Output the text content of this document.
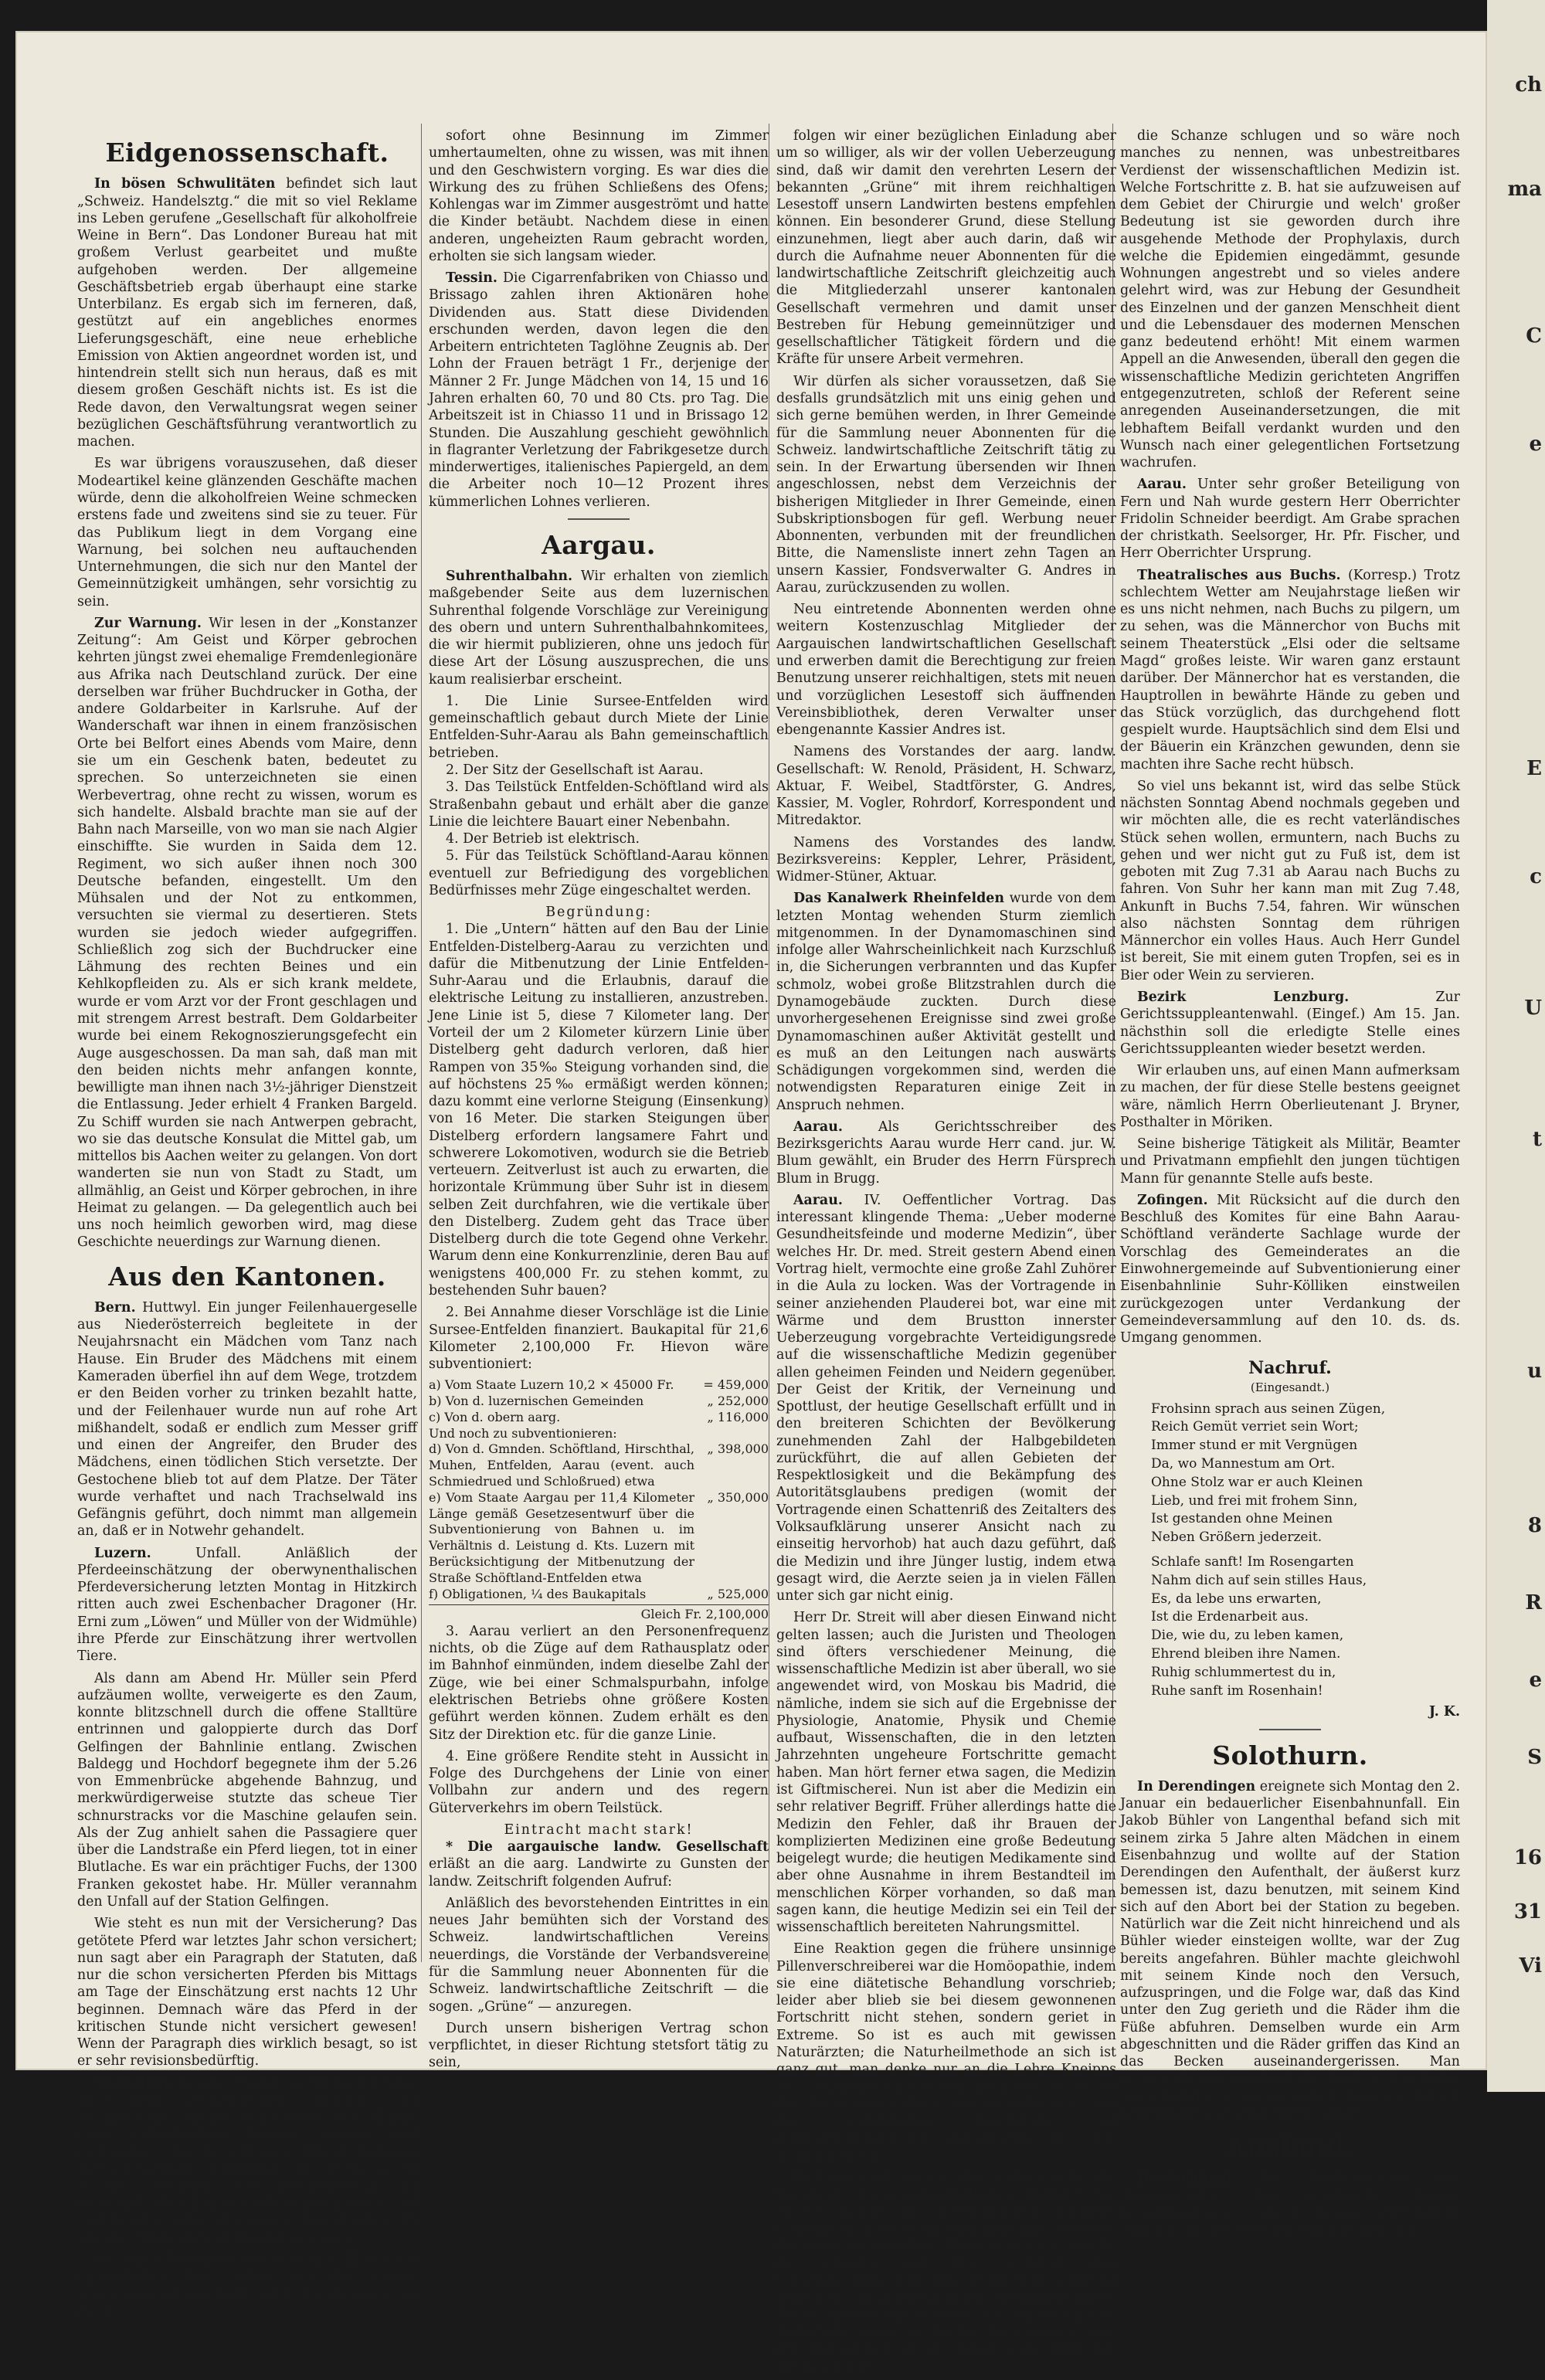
Eidgenossenschaft.

In bösen Schwulitäten befindet sich laut „Schweiz. Handelsztg.“ die mit so viel Reklame ins Leben gerufene „Gesellschaft für alkoholfreie Weine in Bern“. Das Londoner Bureau hat mit großem Verlust gearbeitet und mußte aufgehoben werden. Der allgemeine Geschäftsbetrieb ergab überhaupt eine starke Unterbilanz. Es ergab sich im ferneren, daß, gestützt auf ein angebliches enormes Lieferungsgeschäft, eine neue erhebliche Emission von Aktien angeordnet worden ist, und hintendrein stellt sich nun heraus, daß es mit diesem großen Geschäft nichts ist. Es ist die Rede davon, den Verwaltungsrat wegen seiner bezüglichen Geschäftsführung verantwortlich zu machen.

Es war übrigens vorauszusehen, daß dieser Modeartikel keine glänzenden Geschäfte machen würde, denn die alkoholfreien Weine schmecken erstens fade und zweitens sind sie zu teuer. Für das Publikum liegt in dem Vorgang eine Warnung, bei solchen neu auftauchenden Unternehmungen, die sich nur den Mantel der Gemeinnützigkeit umhängen, sehr vorsichtig zu sein.

Zur Warnung. Wir lesen in der „Konstanzer Zeitung“: Am Geist und Körper gebrochen kehrten jüngst zwei ehemalige Fremdenlegionäre aus Afrika nach Deutschland zurück. Der eine derselben war früher Buchdrucker in Gotha, der andere Goldarbeiter in Karlsruhe. Auf der Wanderschaft war ihnen in einem französischen Orte bei Belfort eines Abends vom Maire, denn sie um ein Geschenk baten, bedeutet zu sprechen. So unterzeichneten sie einen Werbevertrag, ohne recht zu wissen, worum es sich handelte. Alsbald brachte man sie auf der Bahn nach Marseille, von wo man sie nach Algier einschiffte. Sie wurden in Saida dem 12. Regiment, wo sich außer ihnen noch 300 Deutsche befanden, eingestellt. Um den Mühsalen und der Not zu entkommen, versuchten sie viermal zu desertieren. Stets wurden sie jedoch wieder aufgegriffen. Schließlich zog sich der Buchdrucker eine Lähmung des rechten Beines und ein Kehlkopfleiden zu. Als er sich krank meldete, wurde er vom Arzt vor der Front geschlagen und mit strengem Arrest bestraft. Dem Goldarbeiter wurde bei einem Rekognoszierungsgefecht ein Auge ausgeschossen. Da man sah, daß man mit den beiden nichts mehr anfangen konnte, bewilligte man ihnen nach 3½-jähriger Dienstzeit die Entlassung. Jeder erhielt 4 Franken Bargeld. Zu Schiff wurden sie nach Antwerpen gebracht, wo sie das deutsche Konsulat die Mittel gab, um mittellos bis Aachen weiter zu gelangen. Von dort wanderten sie nun von Stadt zu Stadt, um allmählig, an Geist und Körper gebrochen, in ihre Heimat zu gelangen. — Da gelegentlich auch bei uns noch heimlich geworben wird, mag diese Geschichte neuerdings zur Warnung dienen.

Aus den Kantonen.

Bern. Huttwyl. Ein junger Feilenhauergeselle aus Niederösterreich begleitete in der Neujahrsnacht ein Mädchen vom Tanz nach Hause. Ein Bruder des Mädchens mit einem Kameraden überfiel ihn auf dem Wege, trotzdem er den Beiden vorher zu trinken bezahlt hatte, und der Feilenhauer wurde nun auf rohe Art mißhandelt, sodaß er endlich zum Messer griff und einen der Angreifer, den Bruder des Mädchens, einen tödlichen Stich versetzte. Der Gestochene blieb tot auf dem Platze. Der Täter wurde verhaftet und nach Trachselwald ins Gefängnis geführt, doch nimmt man allgemein an, daß er in Notwehr gehandelt.

Luzern.	Unfall. Anläßlich der Pferdeeinschätzung der oberwynenthalischen Pferdeversicherung letzten Montag in Hitzkirch ritten auch zwei Eschenbacher Dragoner (Hr. Erni zum „Löwen“ und Müller von der Widmühle) ihre Pferde zur Einschätzung ihrer wertvollen Tiere.

Als dann am Abend Hr. Müller sein Pferd aufzäumen wollte, verweigerte es den Zaum, konnte blitzschnell durch die offene Stalltüre entrinnen und galoppierte durch das Dorf Gelfingen der Bahnlinie entlang. Zwischen Baldegg und Hochdorf begegnete ihm der 5.26 von Emmenbrücke abgehende Bahnzug, und merkwürdigerweise stutzte das scheue Tier schnurstracks vor die Maschine gelaufen sein. Als der Zug anhielt sahen die Passagiere quer über die Landstraße ein Pferd liegen, tot in einer Blutlache. Es war ein prächtiger Fuchs, der 1300 Franken gekostet habe. Hr. Müller verannahm den Unfall auf der Station Gelfingen.

Wie steht es nun mit der Versicherung? Das getötete Pferd war letztes Jahr schon versichert; nun sagt aber ein Paragraph der Statuten, daß nur die schon versicherten Pferden bis Mittags am Tage der Einschätzung erst nachts 12 Uhr beginnen. Demnach wäre das Pferd in der kritischen Stunde nicht versichert gewesen! Wenn der Paragraph dies wirklich besagt, so ist er sehr revisionsbedürftig.

St. Gallen. In einer Familie in St. Gallen wäre nach dem „Stadtanzeiger“ beinahe, am Neujahrstage infolge Schliessens der Klappe eines Cylinderofens beinahe großes Leid entstanden. Die betreffenden Eltern begaben sich am Sonntag vormittag zur Kirche; sie hatten in der Meinung, daß Brennmaterial sei verbrannt, den Zug des Ofens geschlossen und fünf Kinder unter der Obhut des ältesten 15 jährigen Mädchens im Zimmer gelassen.

Bei ihrer Rückkehr bot sich den Eltern ein entsetzliches Bild, indem bei der Kinder regungslos auf dem Sofa lagen und die größeren zwei

sofort ohne Besinnung im Zimmer umhertaumelten, ohne zu wissen, was mit ihnen und den Geschwistern vorging. Es war dies die Wirkung des zu frühen Schließens des Ofens; Kohlengas war im Zimmer ausgeströmt und hatte die Kinder betäubt. Nachdem diese in einen anderen, ungeheizten Raum gebracht worden, erholten sie sich langsam wieder.

Tessin. Die Cigarrenfabriken von Chiasso und Brissago zahlen ihren Aktionären hohe Dividenden aus. Statt diese Dividenden erschunden werden, davon legen die den Arbeitern entrichteten Taglöhne Zeugnis ab. Der Lohn der Frauen beträgt 1 Fr., derjenige der Männer 2 Fr. Junge Mädchen von 14, 15 und 16 Jahren erhalten 60, 70 und 80 Cts. pro Tag. Die Arbeitszeit ist in Chiasso 11 und in Brissago 12 Stunden. Die Auszahlung geschieht gewöhnlich in flagranter Verletzung der Fabrikgesetze durch minderwertiges, italienisches Papiergeld, an dem die Arbeiter noch 10—12 Prozent ihres kümmerlichen Lohnes verlieren.

Aargau.

Suhrenthalbahn. Wir erhalten von ziemlich maßgebender Seite aus dem luzernischen Suhrenthal folgende Vorschläge zur Vereinigung des obern und untern Suhrenthalbahnkomitees, die wir hiermit publizieren, ohne uns jedoch für diese Art der Lösung auszusprechen, die uns kaum realisierbar erscheint.

1. Die Linie Sursee-Entfelden wird gemeinschaftlich gebaut durch Miete der Linie Entfelden-Suhr-Aarau als Bahn gemeinschaftlich betrieben.

2. Der Sitz der Gesellschaft ist Aarau.

3. Das Teilstück Entfelden-Schöftland wird als Straßenbahn gebaut und erhält aber die ganze Linie die leichtere Bauart einer Nebenbahn.

4. Der Betrieb ist elektrisch.

5. Für das Teilstück Schöftland-Aarau können eventuell zur Befriedigung des vorgeblichen Bedürfnisses mehr Züge eingeschaltet werden.

Begründung:

1. Die „Untern“ hätten auf den Bau der Linie Entfelden-Distelberg-Aarau zu verzichten und dafür die Mitbenutzung der Linie Entfelden-Suhr-Aarau und die Erlaubnis, darauf die elektrische Leitung zu installieren, anzustreben. Jene Linie ist 5, diese 7 Kilometer lang. Der Vorteil der um 2 Kilometer kürzern Linie über Distelberg geht dadurch verloren, daß hier Rampen von 35‰ Steigung vorhanden sind, die auf höchstens 25‰ ermäßigt werden können; dazu kommt eine verlorne Steigung (Einsenkung) von 16 Meter. Die starken Steigungen über Distelberg erfordern langsamere Fahrt und schwerere Lokomotiven, wodurch sie die Betrieb verteuern. Zeitverlust ist auch zu erwarten, die horizontale Krümmung über Suhr ist in diesem selben Zeit durchfahren, wie die vertikale über den Distelberg. Zudem geht das Trace über Distelberg durch die tote Gegend ohne Verkehr. Warum denn eine Konkurrenzlinie, deren Bau auf wenigstens 400,000 Fr. zu stehen kommt, zu bestehenden Suhr bauen?

2. Bei Annahme dieser Vorschläge ist die Linie Sursee-Entfelden finanziert. Baukapital für 21,6 Kilometer 2,100,000 Fr. Hievon wäre subventioniert:

a) Vom Staate Luzern 10,2 × 45000 Fr.	= 459,000
b) Von d. luzernischen Gemeinden	„ 252,000
c) Von d. obern aarg.	„ 116,000
Und noch zu subventionieren:
d) Von d. Gmnden. Schöftland, Hirschthal, Muhen, Entfelden, Aarau (event. auch Schmiedrued und Schloßrued) etwa
„ 398,000
e) Vom Staate Aargau per 11,4 Kilometer Länge gemäß Gesetzesentwurf über die Subventionierung von Bahnen u. im Verhältnis d. Leistung d. Kts. Luzern mit Berücksichtigung der Mitbenutzung der Straße Schöftland-Entfelden etwa
„ 350,000
f) Obligationen, ¼ des Baukapitals	„ 525,000
Gleich Fr. 2,100,000

3. Aarau verliert an den Personenfrequenz nichts, ob die Züge auf dem Rathausplatz oder im Bahnhof einmünden, indem dieselbe Zahl der Züge, wie bei einer Schmalspurbahn, infolge elektrischen Betriebs ohne größere Kosten geführt werden können. Zudem erhält es den Sitz der Direktion etc. für die ganze Linie.

4. Eine größere Rendite steht in Aussicht in Folge des Durchgehens der Linie von einer Vollbahn zur andern und des regern Güterverkehrs im obern Teilstück.

Eintracht macht stark!

* Die aargauische landw. Gesellschaft erläßt an die aarg. Landwirte zu Gunsten der landw. Zeitschrift folgenden Aufruf:

Anläßlich des bevorstehenden Eintrittes in ein neues Jahr bemühten sich der Vorstand des Schweiz. landwirtschaftlichen Vereins neuerdings, die Vorstände der Verbandsvereine für die Sammlung neuer Abonnenten für die Schweiz. landwirtschaftliche Zeitschrift — die sogen. „Grüne“ — anzuregen.

Durch unsern bisherigen Vertrag schon verpflichtet, in dieser Richtung stetsfort tätig zu sein,

folgen wir einer bezüglichen Einladung aber um so williger, als wir der vollen Ueberzeugung sind, daß wir damit den verehrten Lesern der bekannten „Grüne“ mit ihrem reichhaltigen Lesestoff unsern Landwirten bestens empfehlen können. Ein besonderer Grund, diese Stellung einzunehmen, liegt aber auch darin, daß wir durch die Aufnahme neuer Abonnenten für die landwirtschaftliche Zeitschrift gleichzeitig auch die Mitgliederzahl unserer kantonalen Gesellschaft vermehren und damit unser Bestreben für Hebung gemeinnütziger und gesellschaftlicher Tätigkeit fördern und die Kräfte für unsere Arbeit vermehren.

Wir dürfen als sicher voraussetzen, daß Sie desfalls grundsätzlich mit uns einig gehen und sich gerne bemühen werden, in Ihrer Gemeinde für die Sammlung neuer Abonnenten für die Schweiz. landwirtschaftliche Zeitschrift tätig zu sein. In der Erwartung übersenden wir Ihnen angeschlossen, nebst dem Verzeichnis der bisherigen Mitglieder in Ihrer Gemeinde, einen Subskriptionsbogen für gefl. Werbung neuer Abonnenten, verbunden mit der freundlichen Bitte, die Namensliste innert zehn Tagen an unsern Kassier, Fondsverwalter G. Andres in Aarau, zurückzusenden zu wollen.

Neu eintretende Abonnenten werden ohne weitern Kostenzuschlag Mitglieder der Aargauischen landwirtschaftlichen Gesellschaft und erwerben damit die Berechtigung zur freien Benutzung unserer reichhaltigen, stets mit neuen und vorzüglichen Lesestoff sich äuffnenden Vereinsbibliothek, deren Verwalter unser ebengenannte Kassier Andres ist.

Namens des Vorstandes der aarg. landw. Gesellschaft: W. Renold, Präsident, H. Schwarz, Aktuar, F. Weibel, Stadtförster, G. Andres, Kassier, M. Vogler, Rohrdorf, Korrespondent und Mitredaktor.

Namens des Vorstandes des landw. Bezirksvereins: Keppler, Lehrer, Präsident, Widmer-Stüner, Aktuar.

Das Kanalwerk Rheinfelden wurde von dem letzten Montag wehenden Sturm ziemlich mitgenommen. In der Dynamomaschinen sind infolge aller Wahrscheinlichkeit nach Kurzschluß in, die Sicherungen verbrannten und das Kupfer schmolz, wobei große Blitzstrahlen durch die Dynamogebäude zuckten. Durch diese unvorhergesehenen Ereignisse sind zwei große Dynamomaschinen außer Aktivität gestellt und es muß an den Leitungen nach auswärts Schädigungen vorgekommen sind, werden die notwendigsten Reparaturen einige Zeit in Anspruch nehmen.

Aarau.	Als Gerichtsschreiber des Bezirksgerichts Aarau wurde Herr cand. jur. W. Blum gewählt, ein Bruder des Herrn Fürsprech Blum in Brugg.

Aarau. IV. Oeffentlicher Vortrag. Das interessant klingende Thema: „Ueber moderne Gesundheitsfeinde und moderne Medizin“, über welches Hr. Dr. med. Streit gestern Abend einen Vortrag hielt, vermochte eine große Zahl Zuhörer in die Aula zu locken. Was der Vortragende in seiner anziehenden Plauderei bot, war eine mit Wärme und dem Brustton innerster Ueberzeugung vorgebrachte Verteidigungsrede auf die wissenschaftliche Medizin gegenüber allen geheimen Feinden und Neidern gegenüber. Der Geist der Kritik, der Verneinung und Spottlust, der heutige Gesellschaft erfüllt und in den breiteren Schichten der Bevölkerung zunehmenden Zahl der Halbgebildeten zurückführt, die auf allen Gebieten der Respektlosigkeit und die Bekämpfung des Autoritätsglaubens predigen (womit der Vortragende einen Schattenriß des Zeitalters des Volksaufklärung unserer Ansicht nach zu einseitig hervorhob) hat auch dazu geführt, daß die Medizin und ihre Jünger lustig, indem etwa gesagt wird, die Aerzte seien ja in vielen Fällen unter sich gar nicht einig.

Herr Dr. Streit will aber diesen Einwand nicht gelten lassen; auch die Juristen und Theologen sind öfters verschiedener Meinung, die wissenschaftliche Medizin ist aber überall, wo sie angewendet wird, von Moskau bis Madrid, die nämliche, indem sie sich auf die Ergebnisse der Physiologie, Anatomie, Physik und Chemie aufbaut, Wissenschaften, die in den letzten Jahrzehnten ungeheure Fortschritte gemacht haben. Man hört ferner etwa sagen, die Medizin ist Giftmischerei. Nun ist aber die Medizin ein sehr relativer Begriff. Früher allerdings hatte die Medizin den Fehler, daß ihr Brauen der komplizierten Medizinen eine große Bedeutung beigelegt wurde; die heutigen Medikamente sind aber ohne Ausnahme in ihrem Bestandteil im menschlichen Körper vorhanden, so daß man sagen kann, die heutige Medizin sei ein Teil der wissenschaftlich bereiteten Nahrungsmittel.

Eine Reaktion gegen die frühere unsinnige Pillenverschreiberei war die Homöopathie, indem sie eine diätetische Behandlung vorschrieb; leider aber blieb sie bei diesem gewonnenen Fortschritt nicht stehen, sondern geriet in Extreme. So ist es auch mit gewissen Naturärzten; die Naturheilmethode an sich ist ganz gut, man denke nur an die Lehre Kneipps ist ja ganz gut und richtig, doch was meiste an den Naturheilverfahren aber ist Schwindel, von den berüchtigten Broschüren und Zeitungsinseraten der „Glarner Universität“ gar nicht zu reden.

Welches sind nun auf der andern Seite die Wohltaten der wissenschaftlichen Medizin? Sie ist es, welche die unschätzbaren Heilmittel Chloroform und Cocain eingeführt hat; Vertreter der wissenschaftlichen Medizin sind es, welche die Cholera und Pest studiert, den Choleravacillus und das Pestserum entdeckt haben; der wissenschaftlichen Medizin gebildete Aerzte sind es und es ferner, die ein sehr kleine Naturärzte waren es, die bei dem Schlachtfelde der Menschheit ist ihr Leben zum Wohl der Menschheit in

die Schanze schlugen und so wäre noch manches zu nennen, was unbestreitbares Verdienst der wissenschaftlichen Medizin ist. Welche Fortschritte z. B. hat sie aufzuweisen auf dem Gebiet der Chirurgie und welch' großer Bedeutung ist sie geworden durch ihre ausgehende Methode der Prophylaxis, durch welche die Epidemien eingedämmt, gesunde Wohnungen angestrebt und so vieles andere gelehrt wird, was zur Hebung der Gesundheit des Einzelnen und der ganzen Menschheit dient und die Lebensdauer des modernen Menschen ganz bedeutend erhöht! Mit einem warmen Appell an die Anwesenden, überall den gegen die wissenschaftliche Medizin gerichteten Angriffen entgegenzutreten, schloß der Referent seine anregenden Auseinandersetzungen, die mit lebhaftem Beifall verdankt wurden und den Wunsch nach einer gelegentlichen Fortsetzung wachrufen.

Aarau. Unter sehr großer Beteiligung von Fern und Nah wurde gestern Herr Oberrichter Fridolin Schneider beerdigt. Am Grabe sprachen der christkath. Seelsorger, Hr. Pfr. Fischer, und Herr Oberrichter Ursprung.

Theatralisches aus Buchs. (Korresp.) Trotz schlechtem Wetter am Neujahrstage ließen wir es uns nicht nehmen, nach Buchs zu pilgern, um zu sehen, was die Männerchor von Buchs mit seinem Theaterstück „Elsi oder die seltsame Magd“ großes leiste. Wir waren ganz erstaunt darüber. Der Männerchor hat es verstanden, die Hauptrollen in bewährte Hände zu geben und das Stück vorzüglich, das durchgehend flott gespielt wurde. Hauptsächlich sind dem Elsi und der Bäuerin ein Kränzchen gewunden, denn sie machten ihre Sache recht hübsch.

So viel uns bekannt ist, wird das selbe Stück nächsten Sonntag Abend nochmals gegeben und wir möchten alle, die es recht vaterländisches Stück sehen wollen, ermuntern, nach Buchs zu gehen und wer nicht gut zu Fuß ist, dem ist geboten mit Zug 7.31 ab Aarau nach Buchs zu fahren. Von Suhr her kann man mit Zug 7.48, Ankunft in Buchs 7.54, fahren. Wir wünschen also nächsten Sonntag dem rührigen Männerchor ein volles Haus. Auch Herr Gundel ist bereit, Sie mit einem guten Tropfen, sei es in Bier oder Wein zu servieren.

Bezirk Lenzburg.	Zur Gerichtssuppleantenwahl. (Eingef.) Am 15. Jan. nächsthin soll die erledigte Stelle eines Gerichtssuppleanten wieder besetzt werden.

Wir erlauben uns, auf einen Mann aufmerksam zu machen, der für diese Stelle bestens geeignet wäre, nämlich Herrn Oberlieutenant J. Bryner, Posthalter in Möriken.

Seine bisherige Tätigkeit als Militär, Beamter und Privatmann empfiehlt den jungen tüchtigen Mann für genannte Stelle aufs beste.

Zofingen. Mit Rücksicht auf die durch den Beschluß des Komites für eine Bahn Aarau-Schöftland veränderte Sachlage wurde der Vorschlag des Gemeinderates an die Einwohnergemeinde auf Subventionierung einer Eisenbahnlinie Suhr-Kölliken einstweilen zurückgezogen unter Verdankung der Gemeindeversammlung auf den 10. ds. ds. Umgang genommen.

Nachruf.
(Eingesandt.)

Frohsinn sprach aus seinen Zügen,

Reich Gemüt verriet sein Wort;

Immer stund er mit Vergnügen

Da, wo Mannestum am Ort.

Ohne Stolz war er auch Kleinen

Lieb, und frei mit frohem Sinn,

Ist gestanden ohne Meinen

Neben Größern jederzeit.

Schlafe sanft! Im Rosengarten

Nahm dich auf sein stilles Haus,

Es, da lebe uns erwarten,

Ist die Erdenarbeit aus.

Die, wie du, zu leben kamen,

Ehrend bleiben ihre Namen.

Ruhig schlummertest du in,

Ruhe sanft im Rosenhain!

J. K.
Solothurn.

In Derendingen ereignete sich Montag den 2. Januar ein bedauerlicher Eisenbahnunfall. Ein Jakob Bühler von Langenthal befand sich mit seinem zirka 5 Jahre alten Mädchen in einem Eisenbahnzug und wollte auf der Station Derendingen den Aufenthalt, der äußerst kurz bemessen ist, dazu benutzen, mit seinem Kind sich auf den Abort bei der Station zu begeben. Natürlich war die Zeit nicht hinreichend und als Bühler wieder einsteigen wollte, war der Zug bereits angefahren. Bühler machte gleichwohl mit seinem Kinde noch den Versuch, aufzuspringen, und die Folge war, daß das Kind unter den Zug gerieth und die Räder ihm die Füße abfuhren. Demselben wurde ein Arm abgeschnitten und die Räder griffen das Kind an das Becken auseinandergerissen. Man verbrachte das unglückliche Kind in das Spital nach Solothurn, wo es jedoch bald von seinen Leiden durch den Tod erlöst wurde.

Ausland.

Deutschland. Die Verdeutschung der Armeesprache. Das preußische Armee-Verordnungsblatt vom 1. Januar 1899 bringt folgende im Interesse der Sprache und der

ch
ma
C
e
E
c
U
t
u
8
R
e
S
16
31
Vi
